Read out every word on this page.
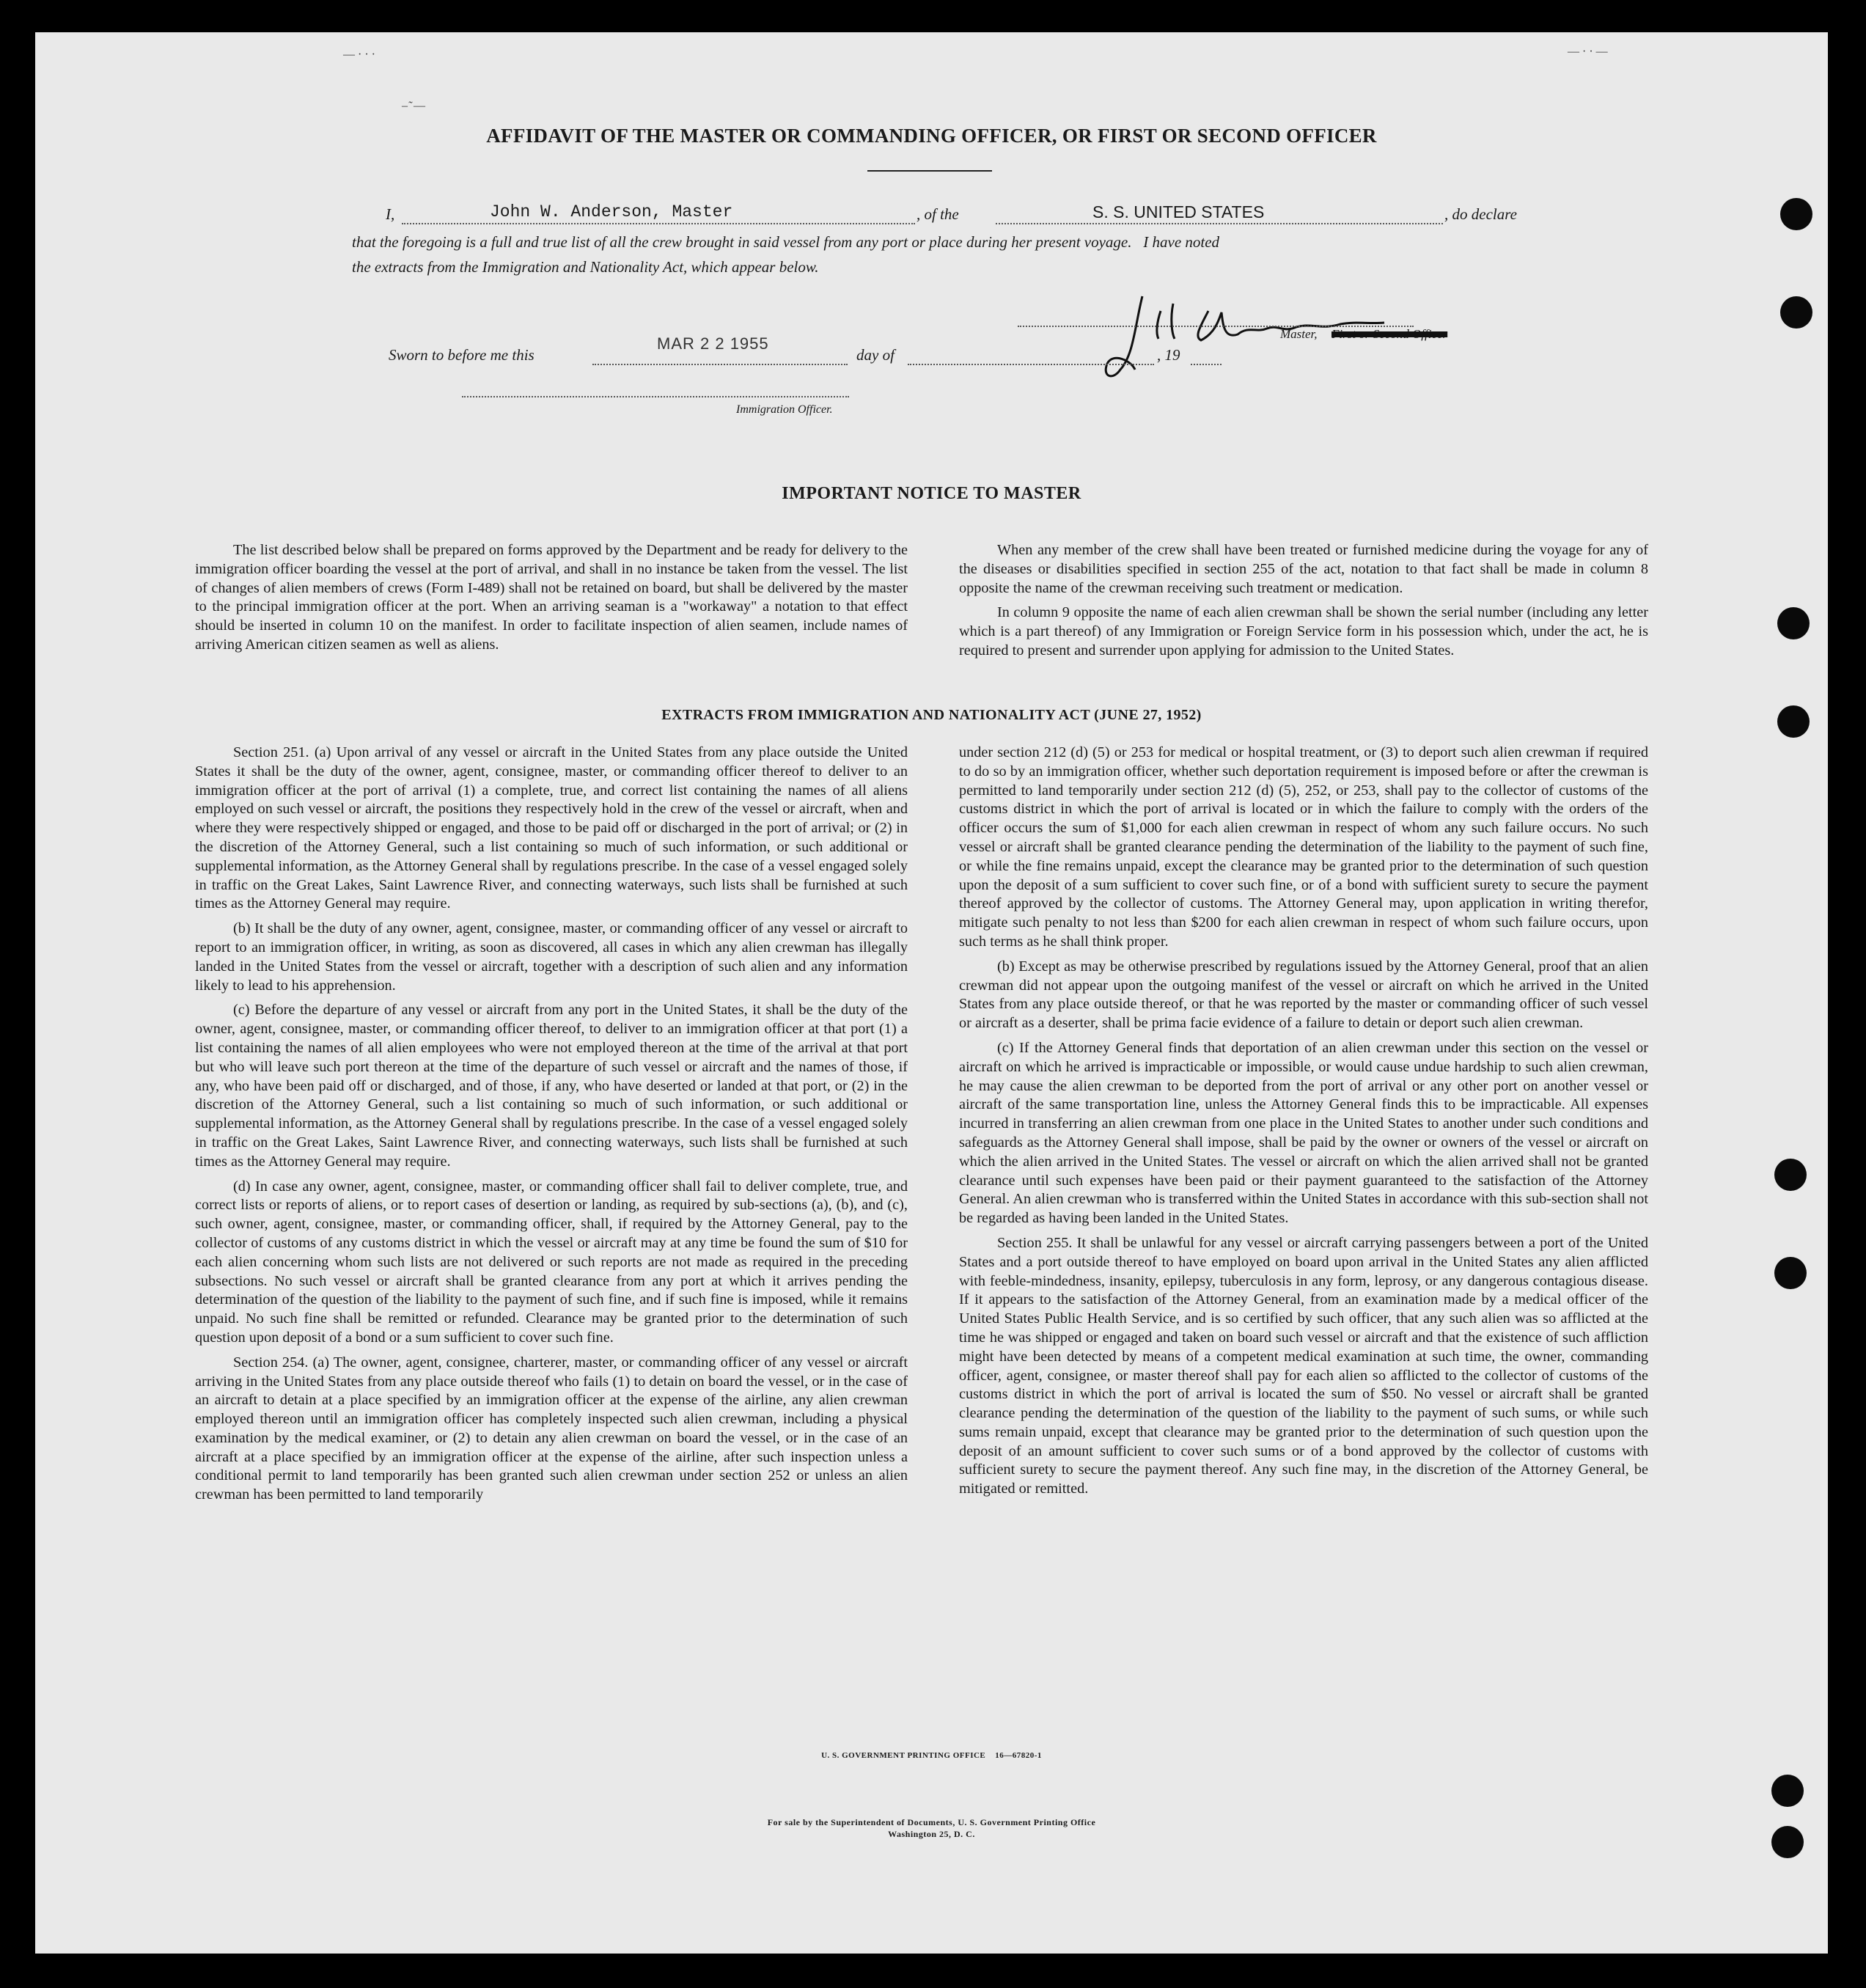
— · · ·	— · · —
‒ ͂ —
AFFIDAVIT OF THE MASTER OR COMMANDING OFFICER, OR FIRST OR SECOND OFFICER
I,	John W. Anderson, Master	, of the	S. S. UNITED STATES	, do declare
that the foregoing is a full and true list of all the crew brought in said vessel from any port or place during her present voyage.   I have noted
the extracts from the Immigration and Nationality Act, which appear below.
Master, First or Second Officer
Sworn to before me this
MAR 2 2 1955
day of	, 19
Immigration Officer.
IMPORTANT NOTICE TO MASTER

The list described below shall be prepared on forms approved by the Department and be ready for delivery to the immigration officer boarding the vessel at the port of arrival, and shall in no instance be taken from the vessel. The list of changes of alien members of crews (Form I-489) shall not be retained on board, but shall be delivered by the master to the principal immigration officer at the port. When an arriving seaman is a "workaway" a notation to that effect should be inserted in column 10 on the manifest. In order to facilitate inspection of alien seamen, include names of arriving American citizen seamen as well as aliens.

When any member of the crew shall have been treated or furnished medicine during the voyage for any of the diseases or disabilities specified in section 255 of the act, notation to that fact shall be made in column 8 opposite the name of the crewman receiving such treatment or medication.

In column 9 opposite the name of each alien crewman shall be shown the serial number (including any letter which is a part thereof) of any Immigration or Foreign Service form in his possession which, under the act, he is required to present and surrender upon applying for admission to the United States.

EXTRACTS FROM IMMIGRATION AND NATIONALITY ACT (JUNE 27, 1952)

Section 251. (a) Upon arrival of any vessel or aircraft in the United States from any place outside the United States it shall be the duty of the owner, agent, consignee, master, or commanding officer thereof to deliver to an immigration officer at the port of arrival (1) a complete, true, and correct list containing the names of all aliens employed on such vessel or aircraft, the positions they respectively hold in the crew of the vessel or aircraft, when and where they were respectively shipped or engaged, and those to be paid off or discharged in the port of arrival; or (2) in the discretion of the Attorney General, such a list containing so much of such information, or such additional or supplemental information, as the Attorney General shall by regulations prescribe. In the case of a vessel engaged solely in traffic on the Great Lakes, Saint Lawrence River, and connecting waterways, such lists shall be furnished at such times as the Attorney General may require.

(b) It shall be the duty of any owner, agent, consignee, master, or commanding officer of any vessel or aircraft to report to an immigration officer, in writing, as soon as discovered, all cases in which any alien crewman has illegally landed in the United States from the vessel or aircraft, together with a description of such alien and any information likely to lead to his apprehension.

(c) Before the departure of any vessel or aircraft from any port in the United States, it shall be the duty of the owner, agent, consignee, master, or commanding officer thereof, to deliver to an immigration officer at that port (1) a list containing the names of all alien employees who were not employed thereon at the time of the arrival at that port but who will leave such port thereon at the time of the departure of such vessel or aircraft and the names of those, if any, who have been paid off or discharged, and of those, if any, who have deserted or landed at that port, or (2) in the discretion of the Attorney General, such a list containing so much of such information, or such additional or supplemental information, as the Attorney General shall by regulations prescribe. In the case of a vessel engaged solely in traffic on the Great Lakes, Saint Lawrence River, and connecting waterways, such lists shall be furnished at such times as the Attorney General may require.

(d) In case any owner, agent, consignee, master, or commanding officer shall fail to deliver complete, true, and correct lists or reports of aliens, or to report cases of desertion or landing, as required by sub-sections (a), (b), and (c), such owner, agent, consignee, master, or commanding officer, shall, if required by the Attorney General, pay to the collector of customs of any customs district in which the vessel or aircraft may at any time be found the sum of $10 for each alien concerning whom such lists are not delivered or such reports are not made as required in the preceding subsections. No such vessel or aircraft shall be granted clearance from any port at which it arrives pending the determination of the question of the liability to the payment of such fine, and if such fine is imposed, while it remains unpaid. No such fine shall be remitted or refunded. Clearance may be granted prior to the determination of such question upon deposit of a bond or a sum sufficient to cover such fine.

Section 254. (a) The owner, agent, consignee, charterer, master, or commanding officer of any vessel or aircraft arriving in the United States from any place outside thereof who fails (1) to detain on board the vessel, or in the case of an aircraft to detain at a place specified by an immigration officer at the expense of the airline, any alien crewman employed thereon until an immigration officer has completely inspected such alien crewman, including a physical examination by the medical examiner, or (2) to detain any alien crewman on board the vessel, or in the case of an aircraft at a place specified by an immigration officer at the expense of the airline, after such inspection unless a conditional permit to land temporarily has been granted such alien crewman under section 252 or unless an alien crewman has been permitted to land temporarily

under section 212 (d) (5) or 253 for medical or hospital treatment, or (3) to deport such alien crewman if required to do so by an immigration officer, whether such deportation requirement is imposed before or after the crewman is permitted to land temporarily under section 212 (d) (5), 252, or 253, shall pay to the collector of customs of the customs district in which the port of arrival is located or in which the failure to comply with the orders of the officer occurs the sum of $1,000 for each alien crewman in respect of whom any such failure occurs. No such vessel or aircraft shall be granted clearance pending the determination of the liability to the payment of such fine, or while the fine remains unpaid, except the clearance may be granted prior to the determination of such question upon the deposit of a sum sufficient to cover such fine, or of a bond with sufficient surety to secure the payment thereof approved by the collector of customs. The Attorney General may, upon application in writing therefor, mitigate such penalty to not less than $200 for each alien crewman in respect of whom such failure occurs, upon such terms as he shall think proper.

(b) Except as may be otherwise prescribed by regulations issued by the Attorney General, proof that an alien crewman did not appear upon the outgoing manifest of the vessel or aircraft on which he arrived in the United States from any place outside thereof, or that he was reported by the master or commanding officer of such vessel or aircraft as a deserter, shall be prima facie evidence of a failure to detain or deport such alien crewman.

(c) If the Attorney General finds that deportation of an alien crewman under this section on the vessel or aircraft on which he arrived is impracticable or impossible, or would cause undue hardship to such alien crewman, he may cause the alien crewman to be deported from the port of arrival or any other port on another vessel or aircraft of the same transportation line, unless the Attorney General finds this to be impracticable. All expenses incurred in transferring an alien crewman from one place in the United States to another under such conditions and safeguards as the Attorney General shall impose, shall be paid by the owner or owners of the vessel or aircraft on which the alien arrived in the United States. The vessel or aircraft on which the alien arrived shall not be granted clearance until such expenses have been paid or their payment guaranteed to the satisfaction of the Attorney General. An alien crewman who is transferred within the United States in accordance with this sub-section shall not be regarded as having been landed in the United States.

Section 255. It shall be unlawful for any vessel or aircraft carrying passengers between a port of the United States and a port outside thereof to have employed on board upon arrival in the United States any alien afflicted with feeble-mindedness, insanity, epilepsy, tuberculosis in any form, leprosy, or any dangerous contagious disease. If it appears to the satisfaction of the Attorney General, from an examination made by a medical officer of the United States Public Health Service, and is so certified by such officer, that any such alien was so afflicted at the time he was shipped or engaged and taken on board such vessel or aircraft and that the existence of such affliction might have been detected by means of a competent medical examination at such time, the owner, commanding officer, agent, consignee, or master thereof shall pay for each alien so afflicted to the collector of customs of the customs district in which the port of arrival is located the sum of $50. No vessel or aircraft shall be granted clearance pending the determination of the question of the liability to the payment of such sums, or while such sums remain unpaid, except that clearance may be granted prior to the determination of such question upon the deposit of an amount sufficient to cover such sums or of a bond approved by the collector of customs with sufficient surety to secure the payment thereof. Any such fine may, in the discretion of the Attorney General, be mitigated or remitted.

U. S. GOVERNMENT PRINTING OFFICE    16—67820-1
For sale by the Superintendent of Documents, U. S. Government Printing Office
Washington 25, D. C.
